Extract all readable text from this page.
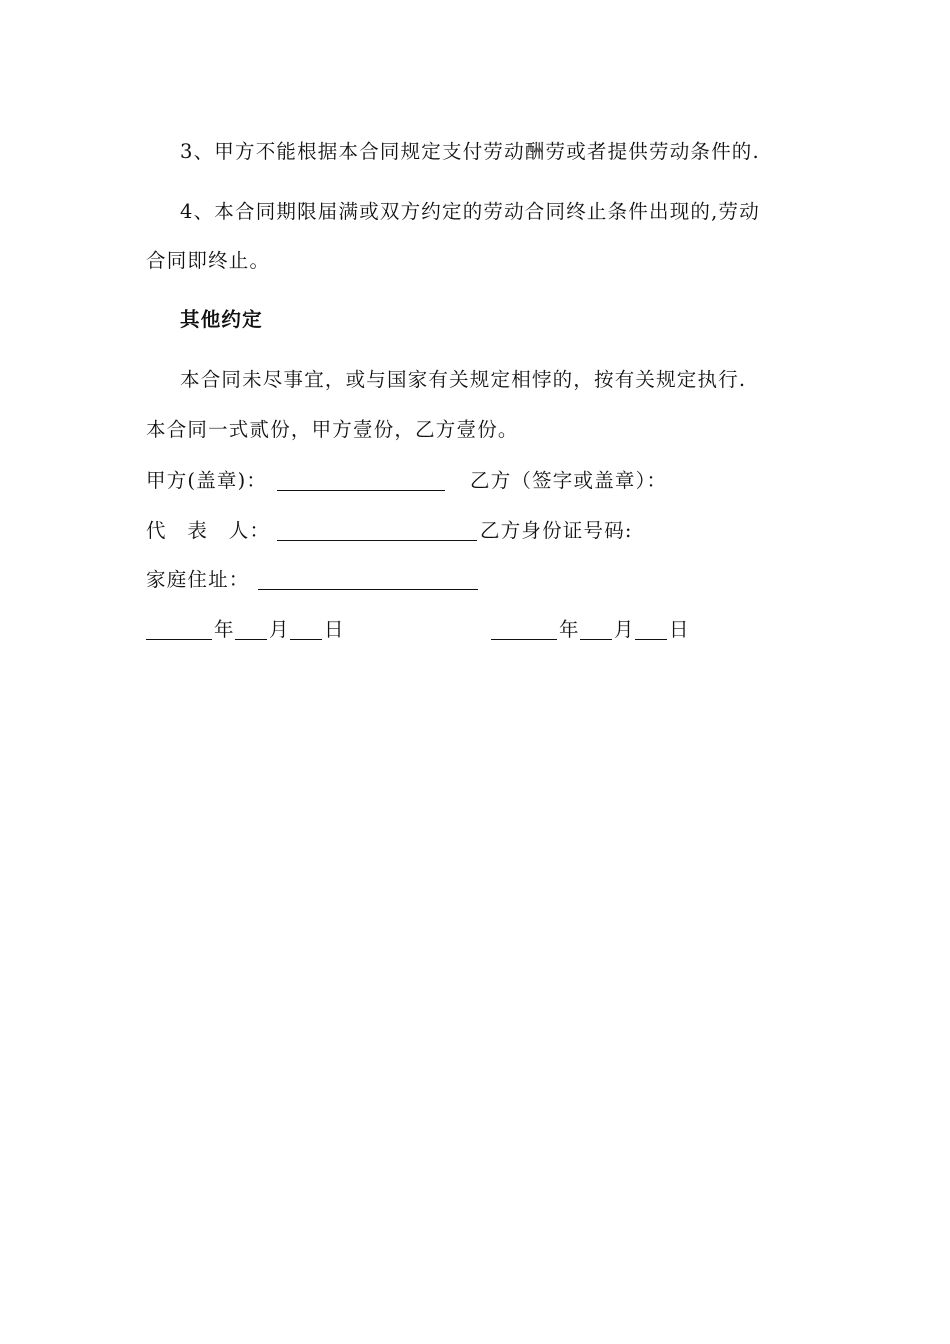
3、甲方不能根据本合同规定支付劳动酬劳或者提供劳动条件的.
4、本合同期限届满或双方约定的劳动合同终止条件出现的,劳动
合同即终止。
其他约定
本合同未尽事宜，或与国家有关规定相悖的，按有关规定执行.
本合同一式贰份，甲方壹份，乙方壹份。
甲方(盖章)：	乙方（签字或盖章）：
代　表　人：	乙方身份证号码:
家庭住址：
年 月 日	年 月 日
